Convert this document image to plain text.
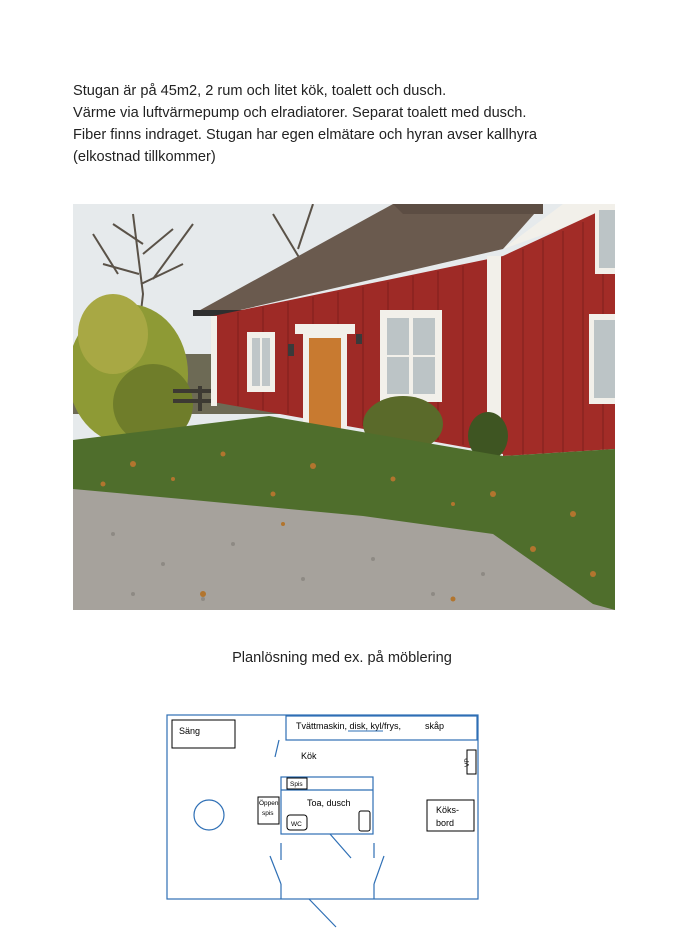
Stugan är på 45m2, 2 rum och litet kök, toalett och dusch.

Värme via luftvärmepump och elradiatorer. Separat toalett med dusch.

Fiber finns indraget. Stugan har egen elmätare och hyran avser kallhyra

(elkostnad tillkommer)

Planlösning med ex. på möblering
Säng	Tvättmaskin, disk, kyl/frys,	skåp
Kök
Toa, dusch
Köks-
bord
Spis
Öppen
spis
WC
VP
